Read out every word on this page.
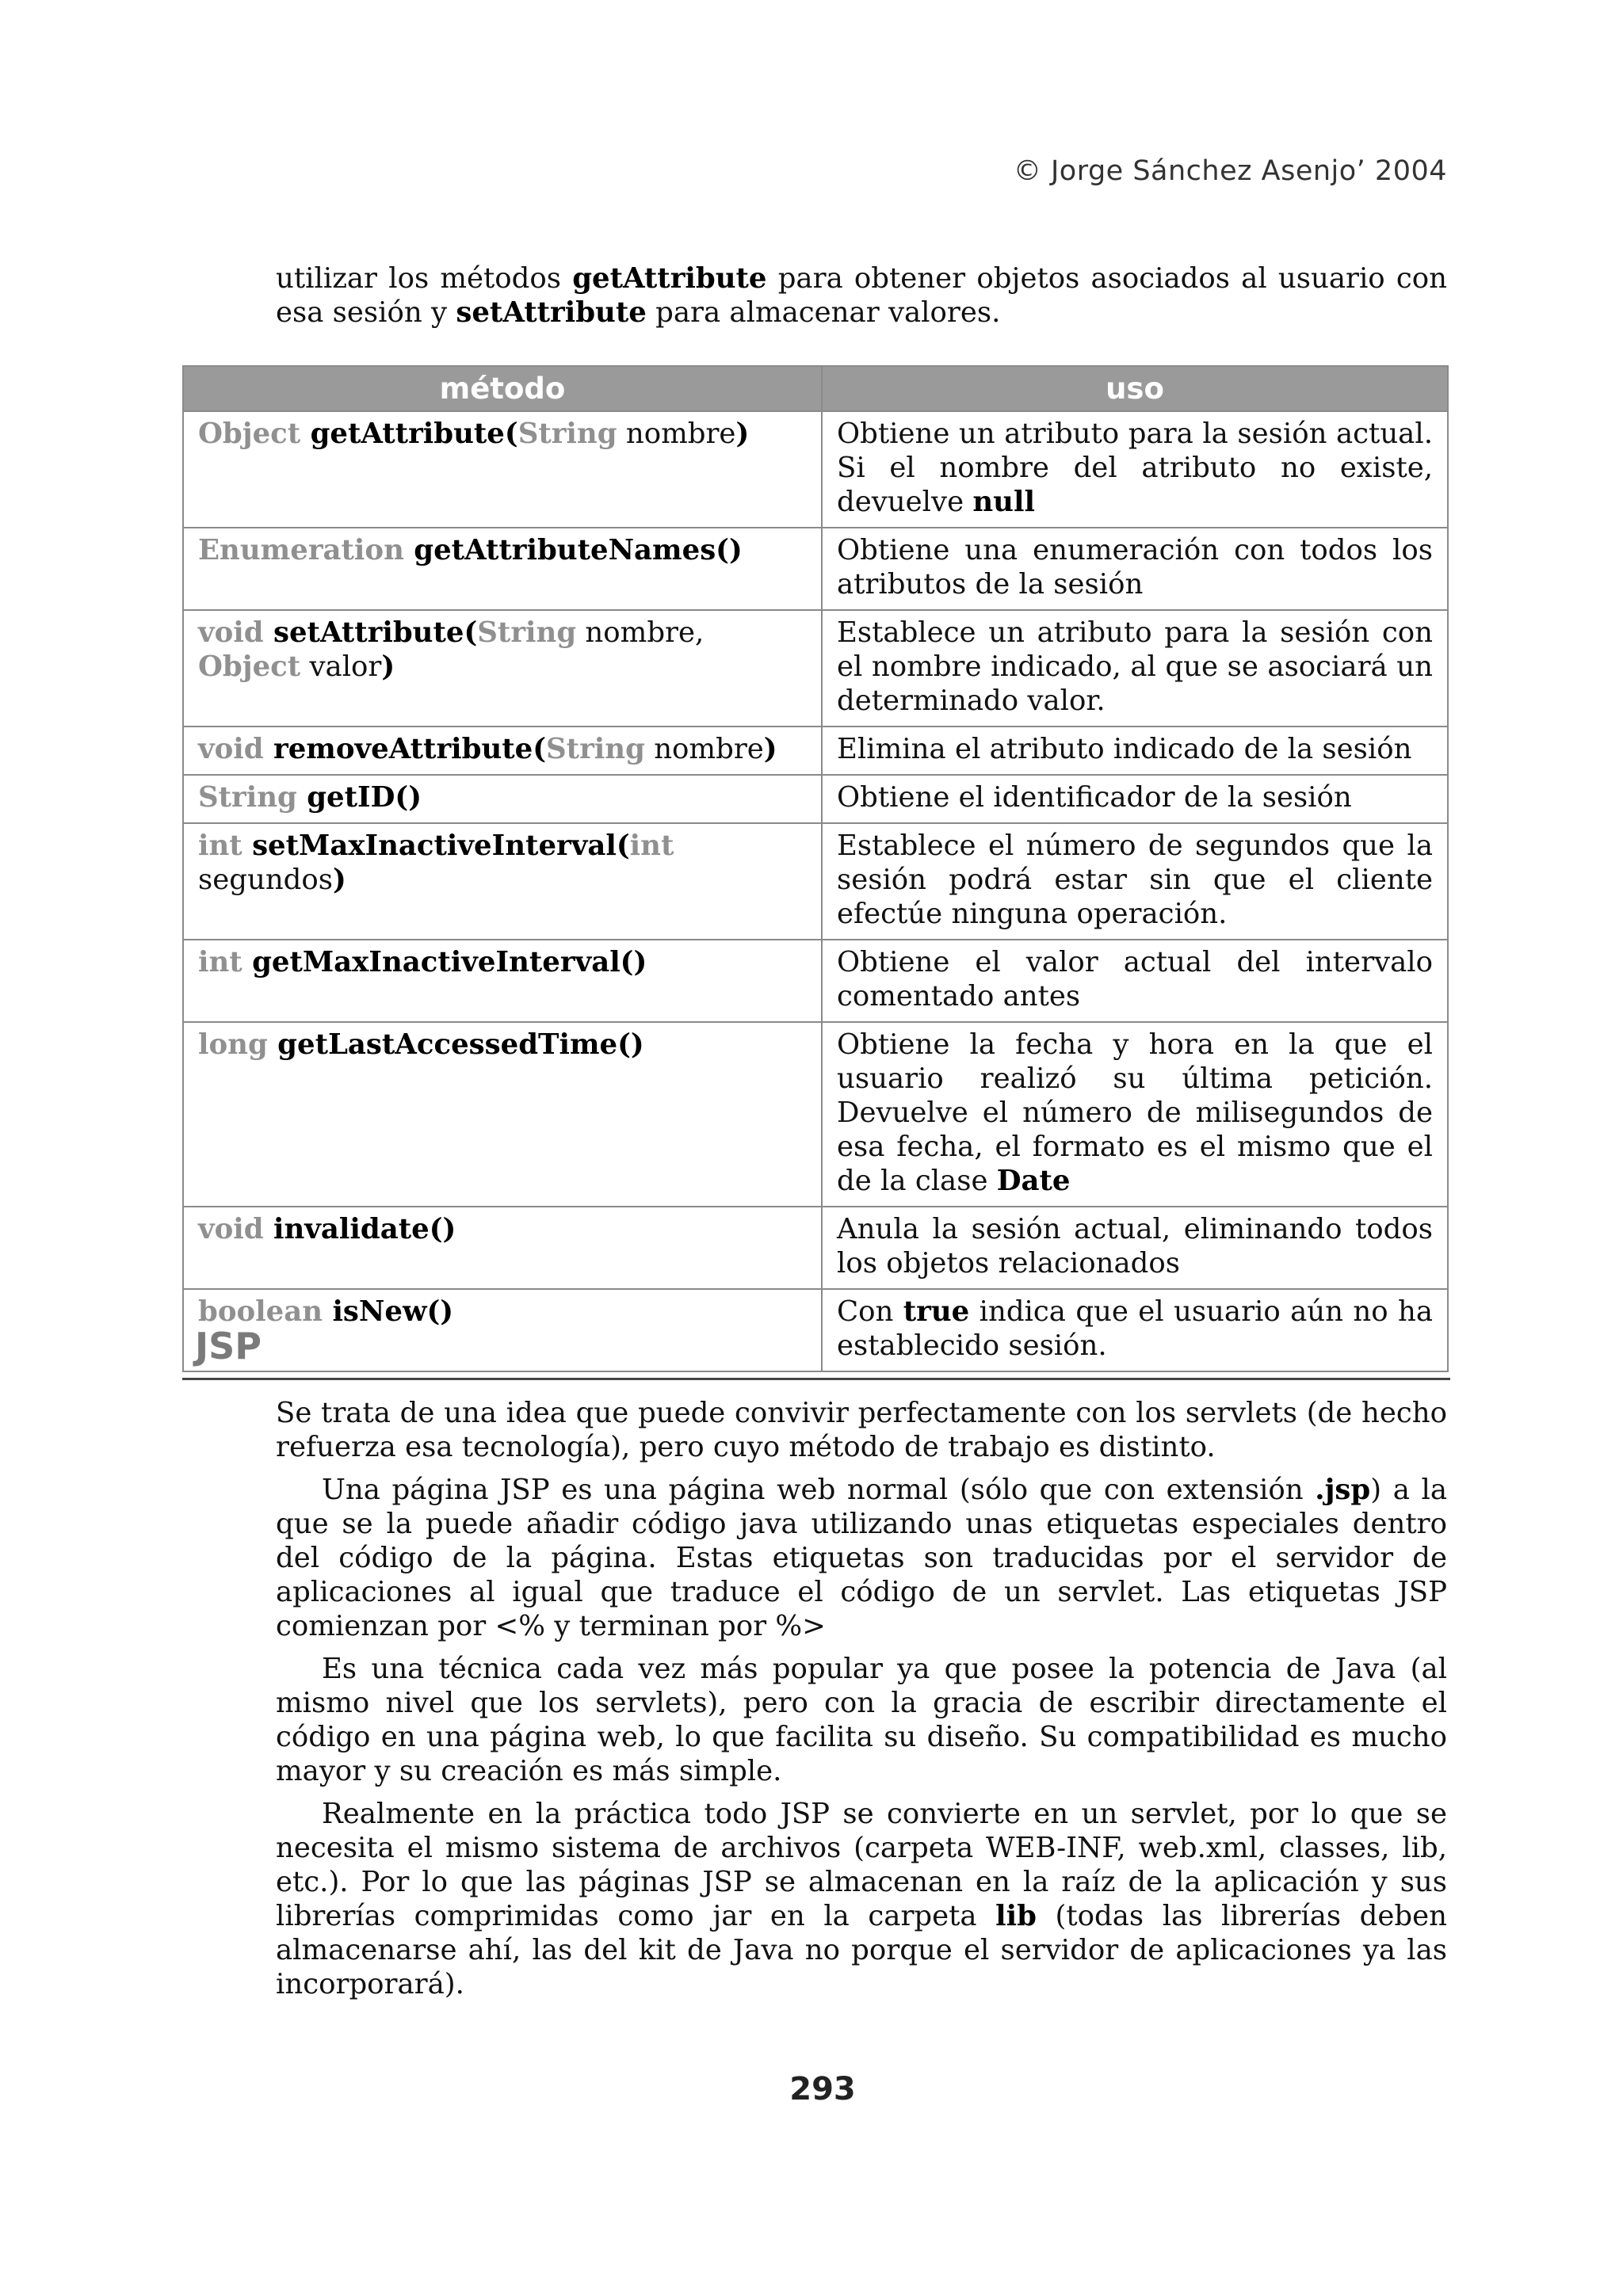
© Jorge Sánchez Asenjo’ 2004

utilizar los métodos getAttribute para obtener objetos asociados al usuario con esa sesión y setAttribute para almacenar valores.

método	uso
Object getAttribute(String nombre)	Obtiene un atributo para la sesión actual. Si el nombre del atributo no existe, devuelve null
Enumeration getAttributeNames()	Obtiene una enumeración con todos los atributos de la sesión
void setAttribute(String nombre, Object valor)	Establece un atributo para la sesión con el nombre indicado, al que se asociará un determinado valor.
void removeAttribute(String nombre)	Elimina el atributo indicado de la sesión
String getID()	Obtiene el identificador de la sesión
int setMaxInactiveInterval(int segundos)	Establece el número de segundos que la sesión podrá estar sin que el cliente efectúe ninguna operación.
int getMaxInactiveInterval()	Obtiene el valor actual del intervalo comentado antes
long getLastAccessedTime()	Obtiene la fecha y hora en la que el usuario realizó su última petición. Devuelve el número de milisegundos de esa fecha, el formato es el mismo que el de la clase Date
void invalidate()	Anula la sesión actual, eliminando todos los objetos relacionados
boolean isNew()	Con true indica que el usuario aún no ha establecido sesión.
JSP

Se trata de una idea que puede convivir perfectamente con los servlets (de hecho refuerza esa tecnología), pero cuyo método de trabajo es distinto.

Una página JSP es una página web normal (sólo que con extensión .jsp) a la que se la puede añadir código java utilizando unas etiquetas especiales dentro del código de la página. Estas etiquetas son traducidas por el servidor de aplicaciones al igual que traduce el código de un servlet. Las etiquetas JSP comienzan por <% y terminan por %>

Es una técnica cada vez más popular ya que posee la potencia de Java (al mismo nivel que los servlets), pero con la gracia de escribir directamente el código en una página web, lo que facilita su diseño. Su compatibilidad es mucho mayor y su creación es más simple.

Realmente en la práctica todo JSP se convierte en un servlet, por lo que se necesita el mismo sistema de archivos (carpeta WEB-INF, web.xml, classes, lib, etc.). Por lo que las páginas JSP se almacenan en la raíz de la aplicación y sus librerías comprimidas como jar en la carpeta lib (todas las librerías deben almacenarse ahí, las del kit de Java no porque el servidor de aplicaciones ya las incorporará).

293
